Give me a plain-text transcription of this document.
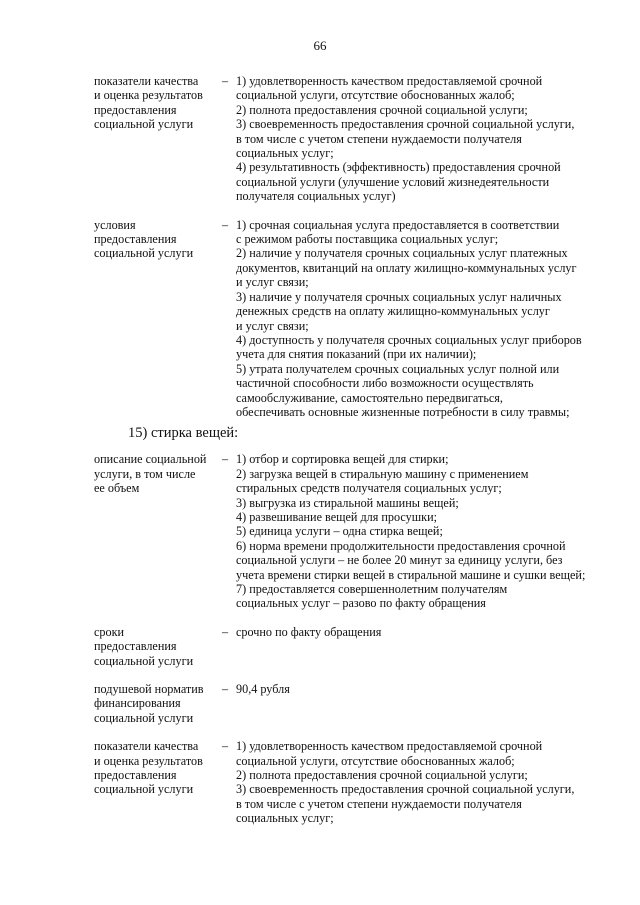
66
показатели качества
и оценка результатов
предоставления
социальной услуги
– 1) удовлетворенность качеством предоставляемой срочной
социальной услуги, отсутствие обоснованных жалоб;
2) полнота предоставления срочной социальной услуги;
3) своевременность предоставления срочной социальной услуги,
в том числе с учетом степени нуждаемости получателя
социальных услуг;
4) результативность (эффективность) предоставления срочной
социальной услуги (улучшение условий жизнедеятельности
получателя социальных услуг)
условия
предоставления
социальной услуги
– 1) срочная социальная услуга предоставляется в соответствии
с режимом работы поставщика социальных услуг;
2) наличие у получателя срочных социальных услуг платежных
документов, квитанций на оплату жилищно-коммунальных услуг
и услуг связи;
3) наличие у получателя срочных социальных услуг наличных
денежных средств на оплату жилищно-коммунальных услуг
и услуг связи;
4) доступность у получателя срочных социальных услуг приборов
учета для снятия показаний (при их наличии);
5) утрата получателем срочных социальных услуг полной или
частичной способности либо возможности осуществлять
самообслуживание, самостоятельно передвигаться,
обеспечивать основные жизненные потребности в силу травмы;
15) стирка вещей:
описание социальной
услуги, в том числе
ее объем
– 1) отбор и сортировка вещей для стирки;
2) загрузка вещей в стиральную машину с применением
стиральных средств получателя социальных услуг;
3) выгрузка из стиральной машины вещей;
4) развешивание вещей для просушки;
5) единица услуги – одна стирка вещей;
6) норма времени продолжительности предоставления срочной
социальной услуги – не более 20 минут за единицу услуги, без
учета времени стирки вещей в стиральной машине и сушки вещей;
7) предоставляется совершеннолетним получателям
социальных услуг – разово по факту обращения
сроки
предоставления
социальной услуги
– срочно по факту обращения
подушевой норматив
финансирования
социальной услуги
– 90,4 рубля
показатели качества
и оценка результатов
предоставления
социальной услуги
– 1) удовлетворенность качеством предоставляемой срочной
социальной услуги, отсутствие обоснованных жалоб;
2) полнота предоставления срочной социальной услуги;
3) своевременность предоставления срочной социальной услуги,
в том числе с учетом степени нуждаемости получателя
социальных услуг;
